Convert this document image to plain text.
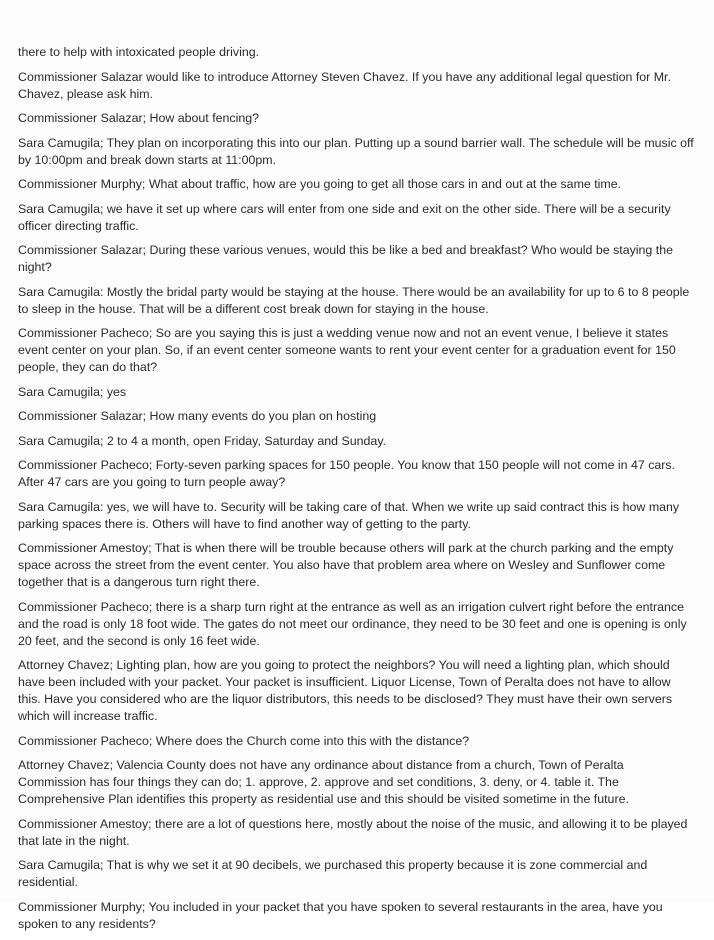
there to help with intoxicated people driving.

Commissioner Salazar would like to introduce Attorney Steven Chavez. If you have any additional legal question for Mr. Chavez, please ask him.

Commissioner Salazar; How about fencing?

Sara Camugila; They plan on incorporating this into our plan. Putting up a sound barrier wall. The schedule will be music off by 10:00pm and break down starts at 11:00pm.

Commissioner Murphy; What about traffic, how are you going to get all those cars in and out at the same time.

Sara Camugila; we have it set up where cars will enter from one side and exit on the other side. There will be a security officer directing traffic.

Commissioner Salazar; During these various venues, would this be like a bed and breakfast? Who would be staying the night?

Sara Camugila: Mostly the bridal party would be staying at the house. There would be an availability for up to 6 to 8 people to sleep in the house. That will be a different cost break down for staying in the house.

Commissioner Pacheco; So are you saying this is just a wedding venue now and not an event venue, I believe it states event center on your plan. So, if an event center someone wants to rent your event center for a graduation event for 150 people, they can do that?

Sara Camugila; yes

Commissioner Salazar; How many events do you plan on hosting

Sara Camugila; 2 to 4 a month, open Friday, Saturday and Sunday.

Commissioner Pacheco; Forty-seven parking spaces for 150 people. You know that 150 people will not come in 47 cars. After 47 cars are you going to turn people away?

Sara Camugila: yes, we will have to. Security will be taking care of that. When we write up said contract this is how many parking spaces there is. Others will have to find another way of getting to the party.

Commissioner Amestoy; That is when there will be trouble because others will park at the church parking and the empty space across the street from the event center. You also have that problem area where on Wesley and Sunflower come together that is a dangerous turn right there.

Commissioner Pacheco; there is a sharp turn right at the entrance as well as an irrigation culvert right before the entrance and the road is only 18 foot wide. The gates do not meet our ordinance, they need to be 30 feet and one is opening is only 20 feet, and the second is only 16 feet wide.

Attorney Chavez; Lighting plan, how are you going to protect the neighbors? You will need a lighting plan, which should have been included with your packet. Your packet is insufficient. Liquor License, Town of Peralta does not have to allow this. Have you considered who are the liquor distributors, this needs to be disclosed? They must have their own servers which will increase traffic.

Commissioner Pacheco; Where does the Church come into this with the distance?

Attorney Chavez; Valencia County does not have any ordinance about distance from a church, Town of Peralta Commission has four things they can do; 1. approve, 2. approve and set conditions, 3. deny, or 4. table it. The Comprehensive Plan identifies this property as residential use and this should be visited sometime in the future.

Commissioner Amestoy; there are a lot of questions here, mostly about the noise of the music, and allowing it to be played that late in the night.

Sara Camugila; That is why we set it at 90 decibels, we purchased this property because it is zone commercial and residential.

Commissioner Murphy; You included in your packet that you have spoken to several restaurants in the area, have you spoken to any residents?
